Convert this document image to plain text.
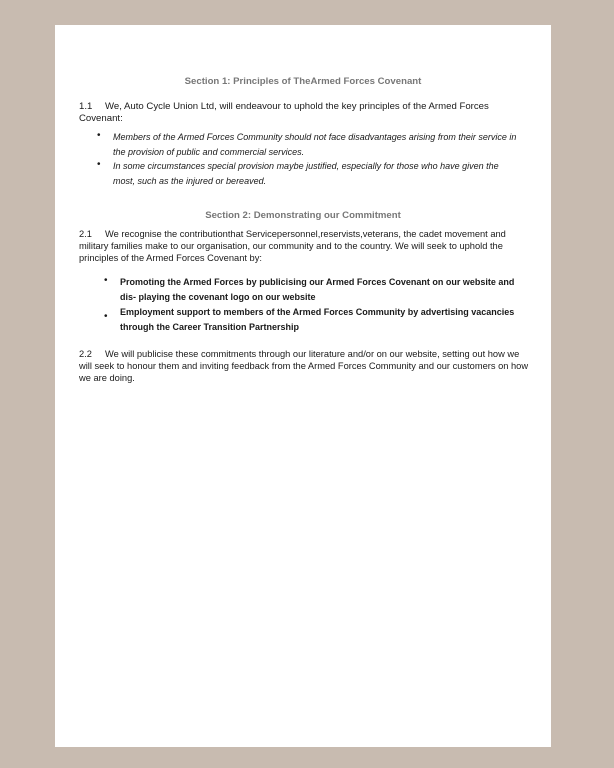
Section 1: Principles of TheArmed Forces Covenant
1.1 We, Auto Cycle Union Ltd, will endeavour to uphold the key principles of the Armed Forces Covenant:
• Members of the Armed Forces Community should not face disadvantages arising from their service in the provision of public and commercial services.
• In some circumstances special provision maybe justified, especially for those who have given the most, such as the injured or bereaved.
Section 2: Demonstrating our Commitment
2.1 We recognise the contributionthat Servicepersonnel,reservists,veterans, the cadet movement and military families make to our organisation, our community and to the country. We will seek to uphold the principles of the Armed Forces Covenant by:
• Promoting the Armed Forces by publicising our Armed Forces Covenant on our website and dis- playing the covenant logo on our website
• Employment support to members of the Armed Forces Community by advertising vacancies through the Career Transition Partnership
2.2 We will publicise these commitments through our literature and/or on our website, setting out how we will seek to honour them and inviting feedback from the Armed Forces Community and our customers on how we are doing.
